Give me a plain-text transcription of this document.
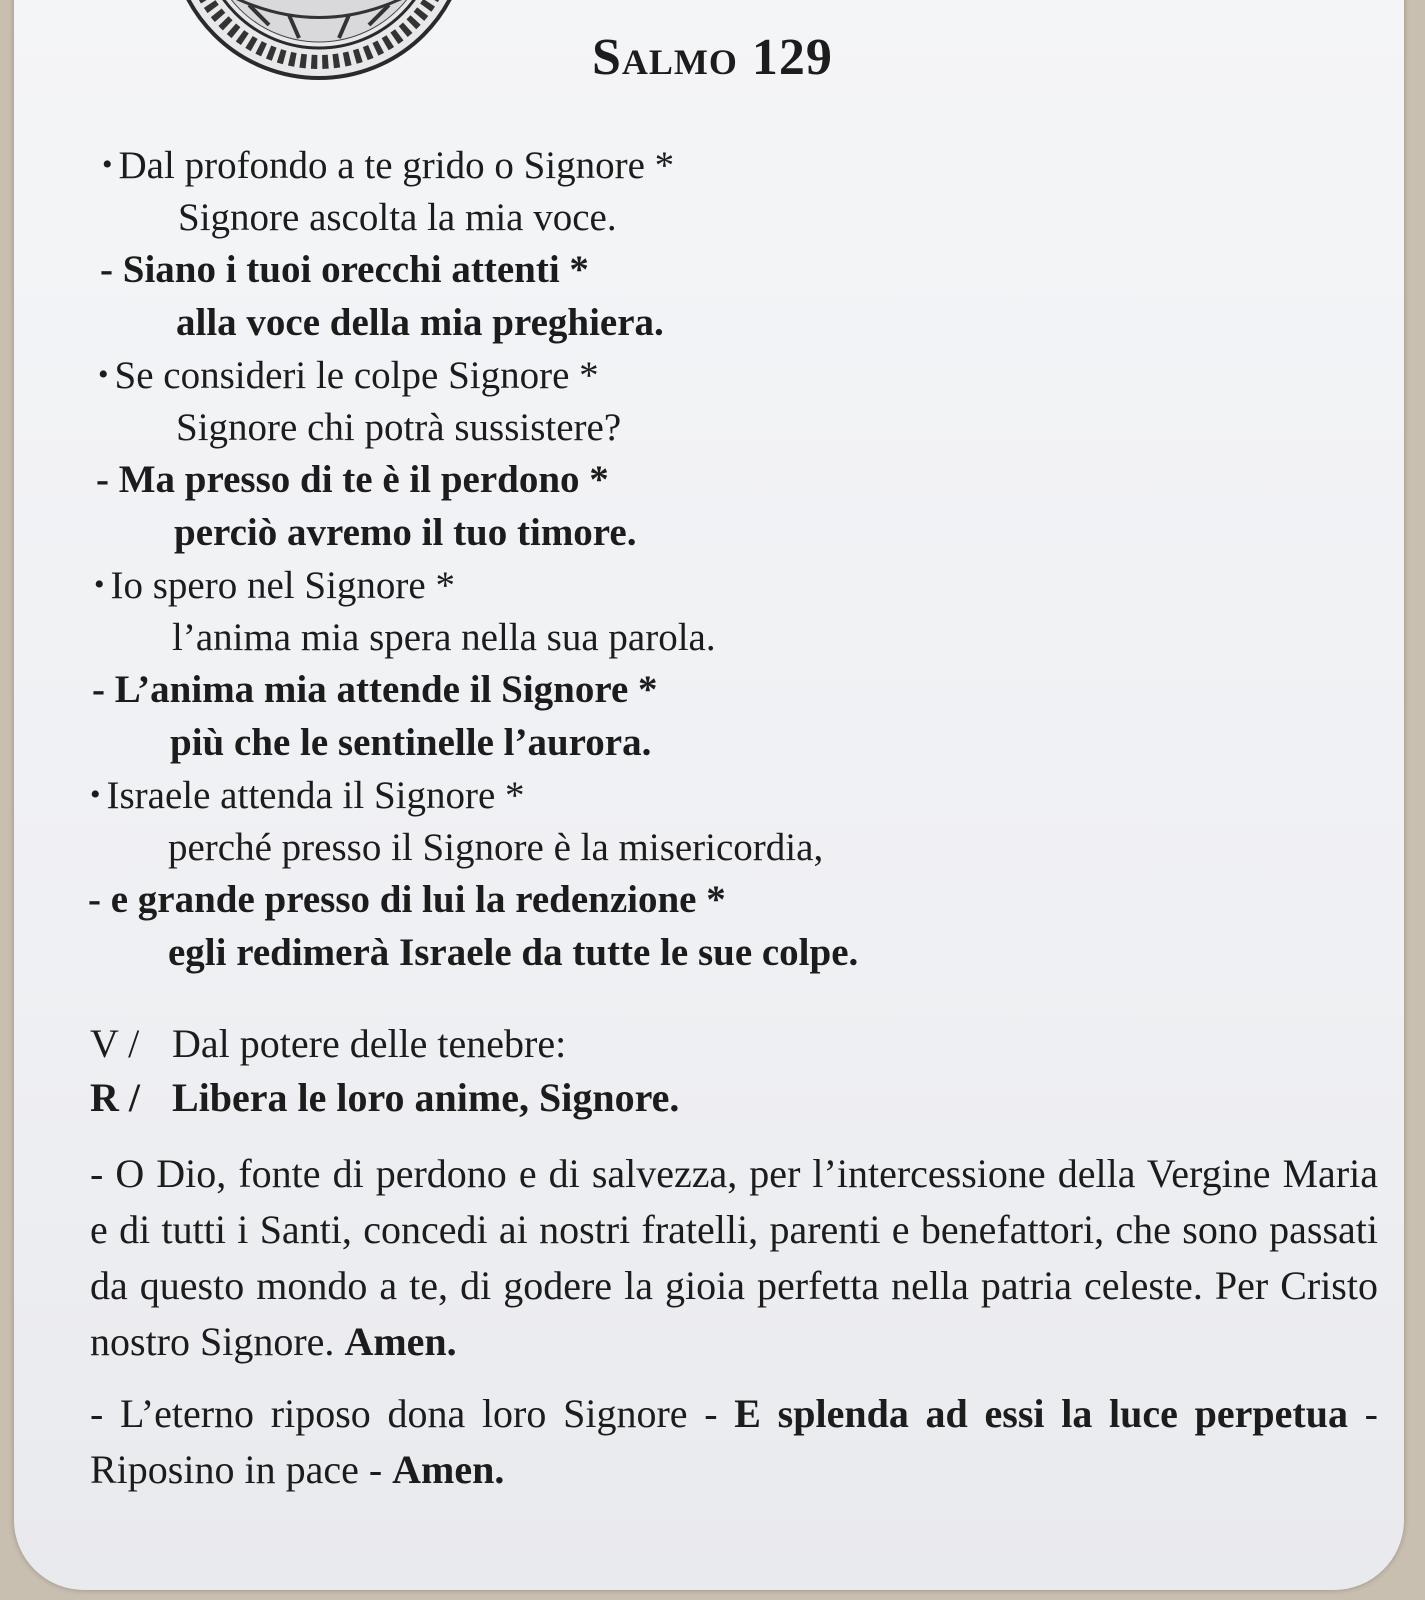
Salmo 129
• Dal profondo a te grido o Signore *
Signore ascolta la mia voce.
- Siano i tuoi orecchi attenti *
alla voce della mia preghiera.
• Se consideri le colpe Signore *
Signore chi potrà sussistere?
- Ma presso di te è il perdono *
perciò avremo il tuo timore.
• Io spero nel Signore *
l’anima mia spera nella sua parola.
- L’anima mia attende il Signore *
più che le sentinelle l’aurora.
• Israele attenda il Signore *
perché presso il Signore è la misericordia,
- e grande presso di lui la redenzione *
egli redimerà Israele da tutte le sue colpe.
V / Dal potere delle tenebre:
R / Libera le loro anime, Signore.
- O Dio, fonte di perdono e di salvezza, per l’intercessione della Vergine Maria e di tutti i Santi, concedi ai nostri fratelli, parenti e benefattori, che sono passati da questo mondo a te, di godere la gioia perfetta nella patria celeste. Per Cristo nostro Signore. Amen.
- L’eterno riposo dona loro Signore - E splenda ad essi la luce perpetua - Riposino in pace - Amen.
